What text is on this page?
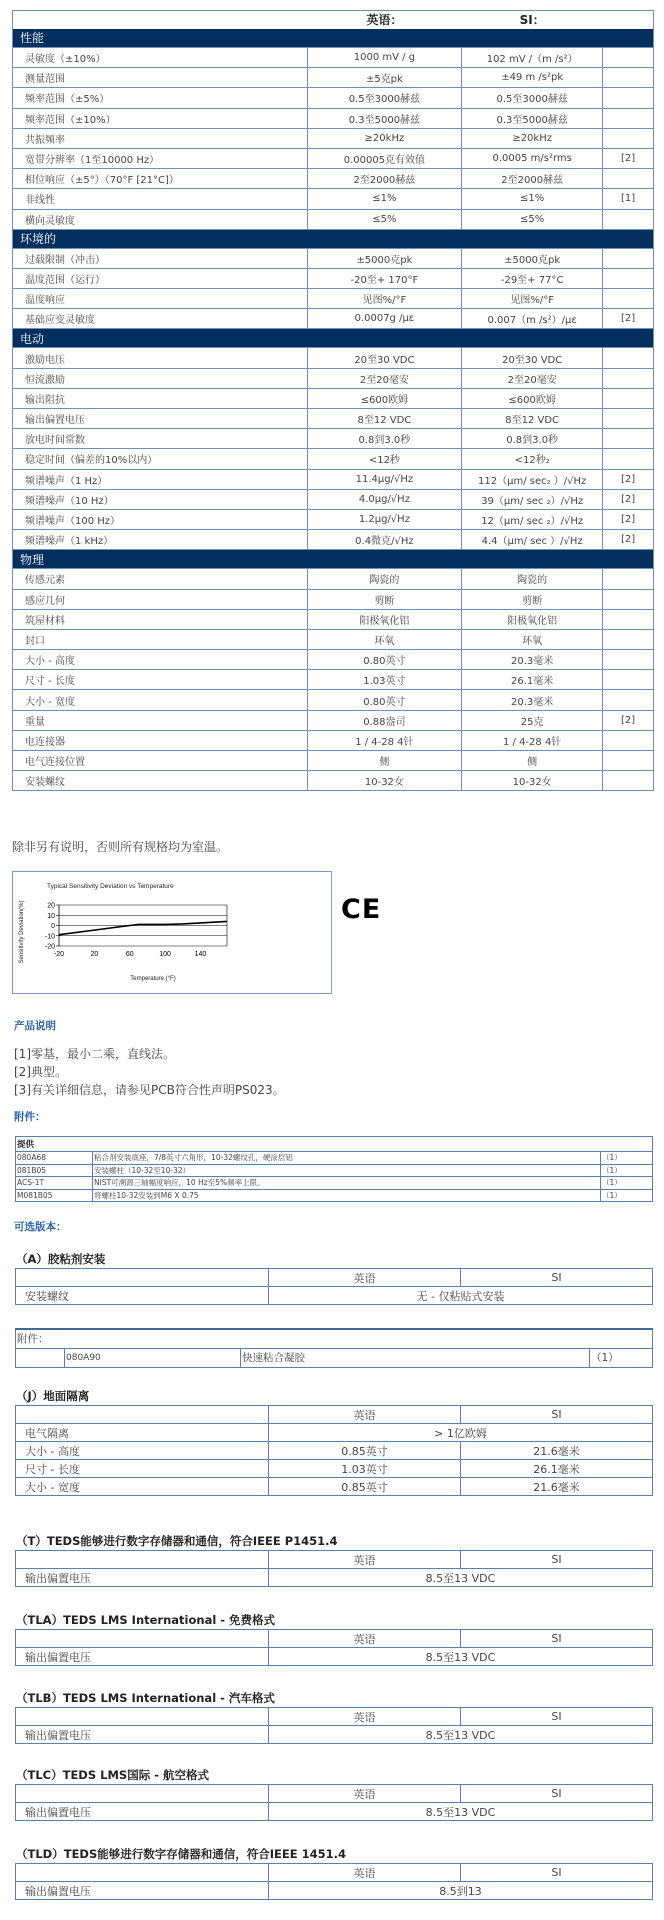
	英语：	SI：	
性能			
灵敏度（±10%）	1000 mV / g	102 mV /（m /s²）	
测量范围	±5克pk	±49 m /s²pk	
频率范围（±5%）	0.5至3000赫兹	0.5至3000赫兹	
频率范围（±10%）	0.3至5000赫兹	0.3至5000赫兹	
共振频率	≥20kHz	≥20kHz	
宽带分辨率（1至10000 Hz）	0.00005克有效值	0.0005 m/s²rms	[2]
相位响应（±5°）（70°F [21°C]）	2至2000赫兹	2至2000赫兹	
非线性	≤1%	≤1%	[1]
横向灵敏度	≤5%	≤5%	
环境的			
过载限制（冲击）	±5000克pk	±5000克pk	
温度范围（运行）	-20至+ 170°F	-29至+ 77°C	
温度响应	见图%/°F	见图%/°F	
基础应变灵敏度	0.0007g /με	0.007（m /s²）/με	[2]
电动			
激励电压	20至30 VDC	20至30 VDC	
恒流激励	2至20毫安	2至20毫安	
输出阻抗	≤600欧姆	≤600欧姆	
输出偏置电压	8至12 VDC	8至12 VDC	
放电时间常数	0.8到3.0秒	0.8到3.0秒	
稳定时间（偏差的10%以内）	<12秒	<12秒₂	
频谱噪声（1 Hz）	11.4μg/√Hz	112（μm/ sec₂ ）/√Hz	[2]
频谱噪声（10 Hz）	4.0μg/√Hz	39（μm/ sec ₂）/√Hz	[2]
频谱噪声（100 Hz）	1.2μg/√Hz	12（μm/ sec ₂）/√Hz	[2]
频谱噪声（1 kHz）	0.4微克/√Hz	4.4（μm/ sec ）/√Hz	[2]
物理			
传感元素	陶瓷的	陶瓷的	
感应几何	剪断	剪断	
筑屋材料	阳极氧化铝	阳极氧化铝	
封口	环氧	环氧	
大小 - 高度	0.80英寸	20.3毫米	
尺寸 - 长度	1.03英寸	26.1毫米	
大小 - 宽度	0.80英寸	20.3毫米	
重量	0.88盎司	25克	[2]
电连接器	1 / 4-28 4针	1 / 4-28 4针	
电气连接位置	侧	侧	
安装螺纹	10-32女	10-32女	
除非另有说明，否则所有规格均为室温。
Typical Sensitivity Deviation vs Temperature
Sensitivity Deviation(%)
Temperature (°F)
20
10
0
-10
-20
-20	20	60	100	140
CE
产品说明
[1]零基，最小二乘，直线法。
[2]典型。
[3]有关详细信息，请参见PCB符合性声明PS023。
附件：
提供		
080A68	粘合剂安装底座，7/8英寸六角形，10-32螺纹孔，硬涂层铝	（1）
081B05	安装螺柱（10-32至10-32）	（1）
ACS-1T	NIST可溯源三轴幅度响应，10 Hz至5%频率上限。	（1）
M081B05	将螺柱10-32安装到M6 X 0.75	（1）
可选版本：
（A）胶粘剂安装
	英语	SI
安装螺纹	无 - 仅粘贴式安装	
附件：
	080A90	快速粘合凝胶	（1）
（J）地面隔离
	英语	SI
电气隔离	> 1亿欧姆	
大小 - 高度	0.85英寸	21.6毫米
尺寸 - 长度	1.03英寸	26.1毫米
大小 - 宽度	0.85英寸	21.6毫米
（T）TEDS能够进行数字存储器和通信，符合IEEE P1451.4
	英语	SI
输出偏置电压	8.5至13 VDC	
（TLA）TEDS LMS International - 免费格式
	英语	SI
输出偏置电压	8.5至13 VDC	
（TLB）TEDS LMS International - 汽车格式
	英语	SI
输出偏置电压	8.5至13 VDC	
（TLC）TEDS LMS国际 - 航空格式
	英语	SI
输出偏置电压	8.5至13 VDC	
（TLD）TEDS能够进行数字存储器和通信，符合IEEE 1451.4
	英语	SI
输出偏置电压	8.5到13	
